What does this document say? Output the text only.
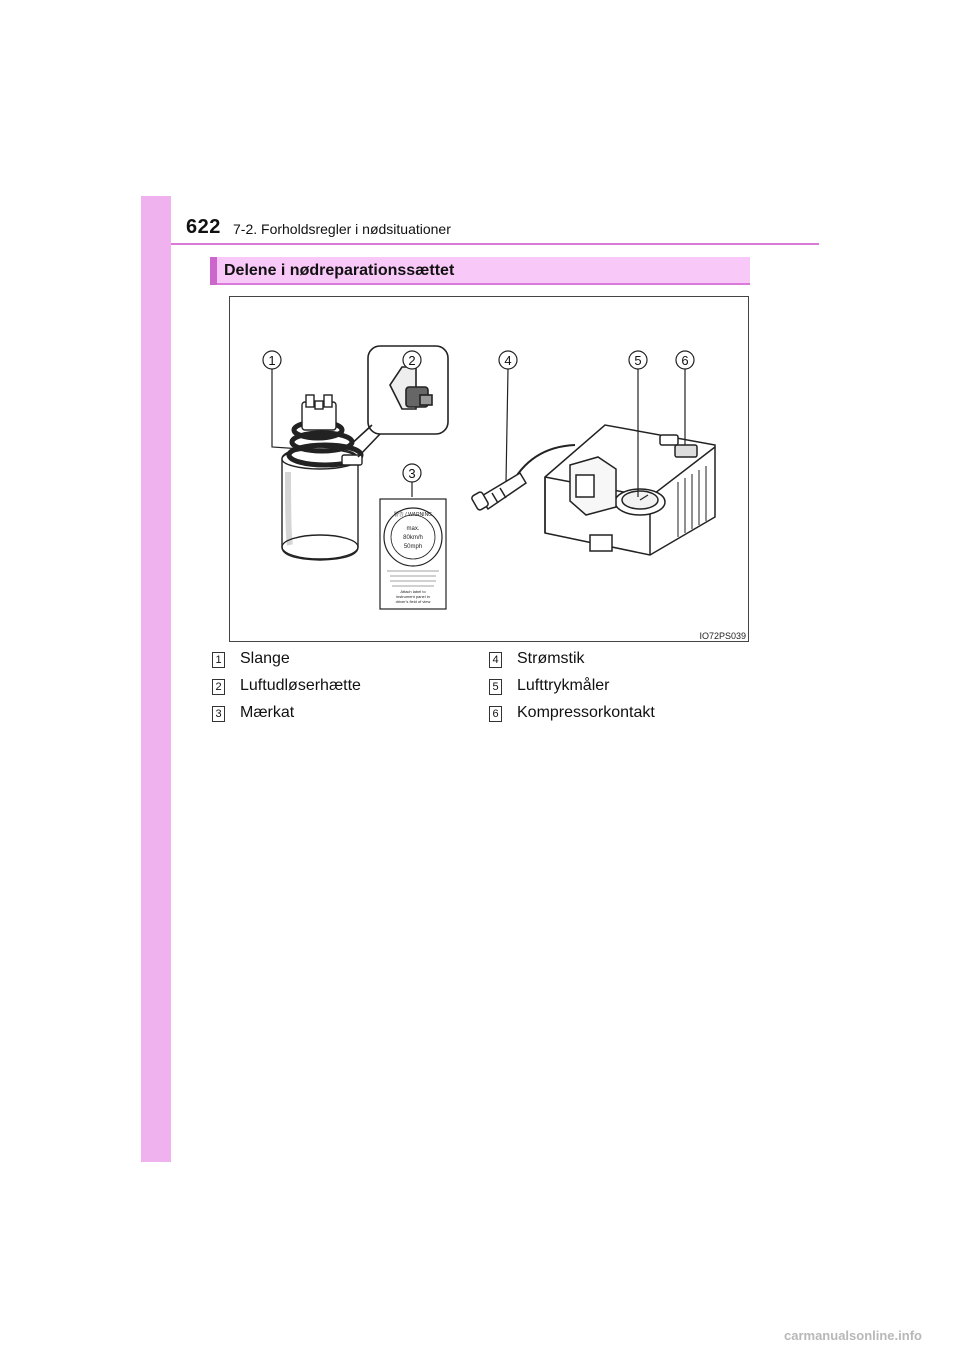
622 7-2. Forholdsregler i nødsituationer
Delene i nødreparationssættet
警告 / WARNING
max.
80km/h
50mph
Attach label to
instrument panel in
driver's field of view
1	2
3
4	5	6
IO72PS039
1 Slange
2 Luftudløserhætte
3 Mærkat
4 Strømstik
5 Lufttrykmåler
6 Kompressorkontakt
carmanualsonline.info
